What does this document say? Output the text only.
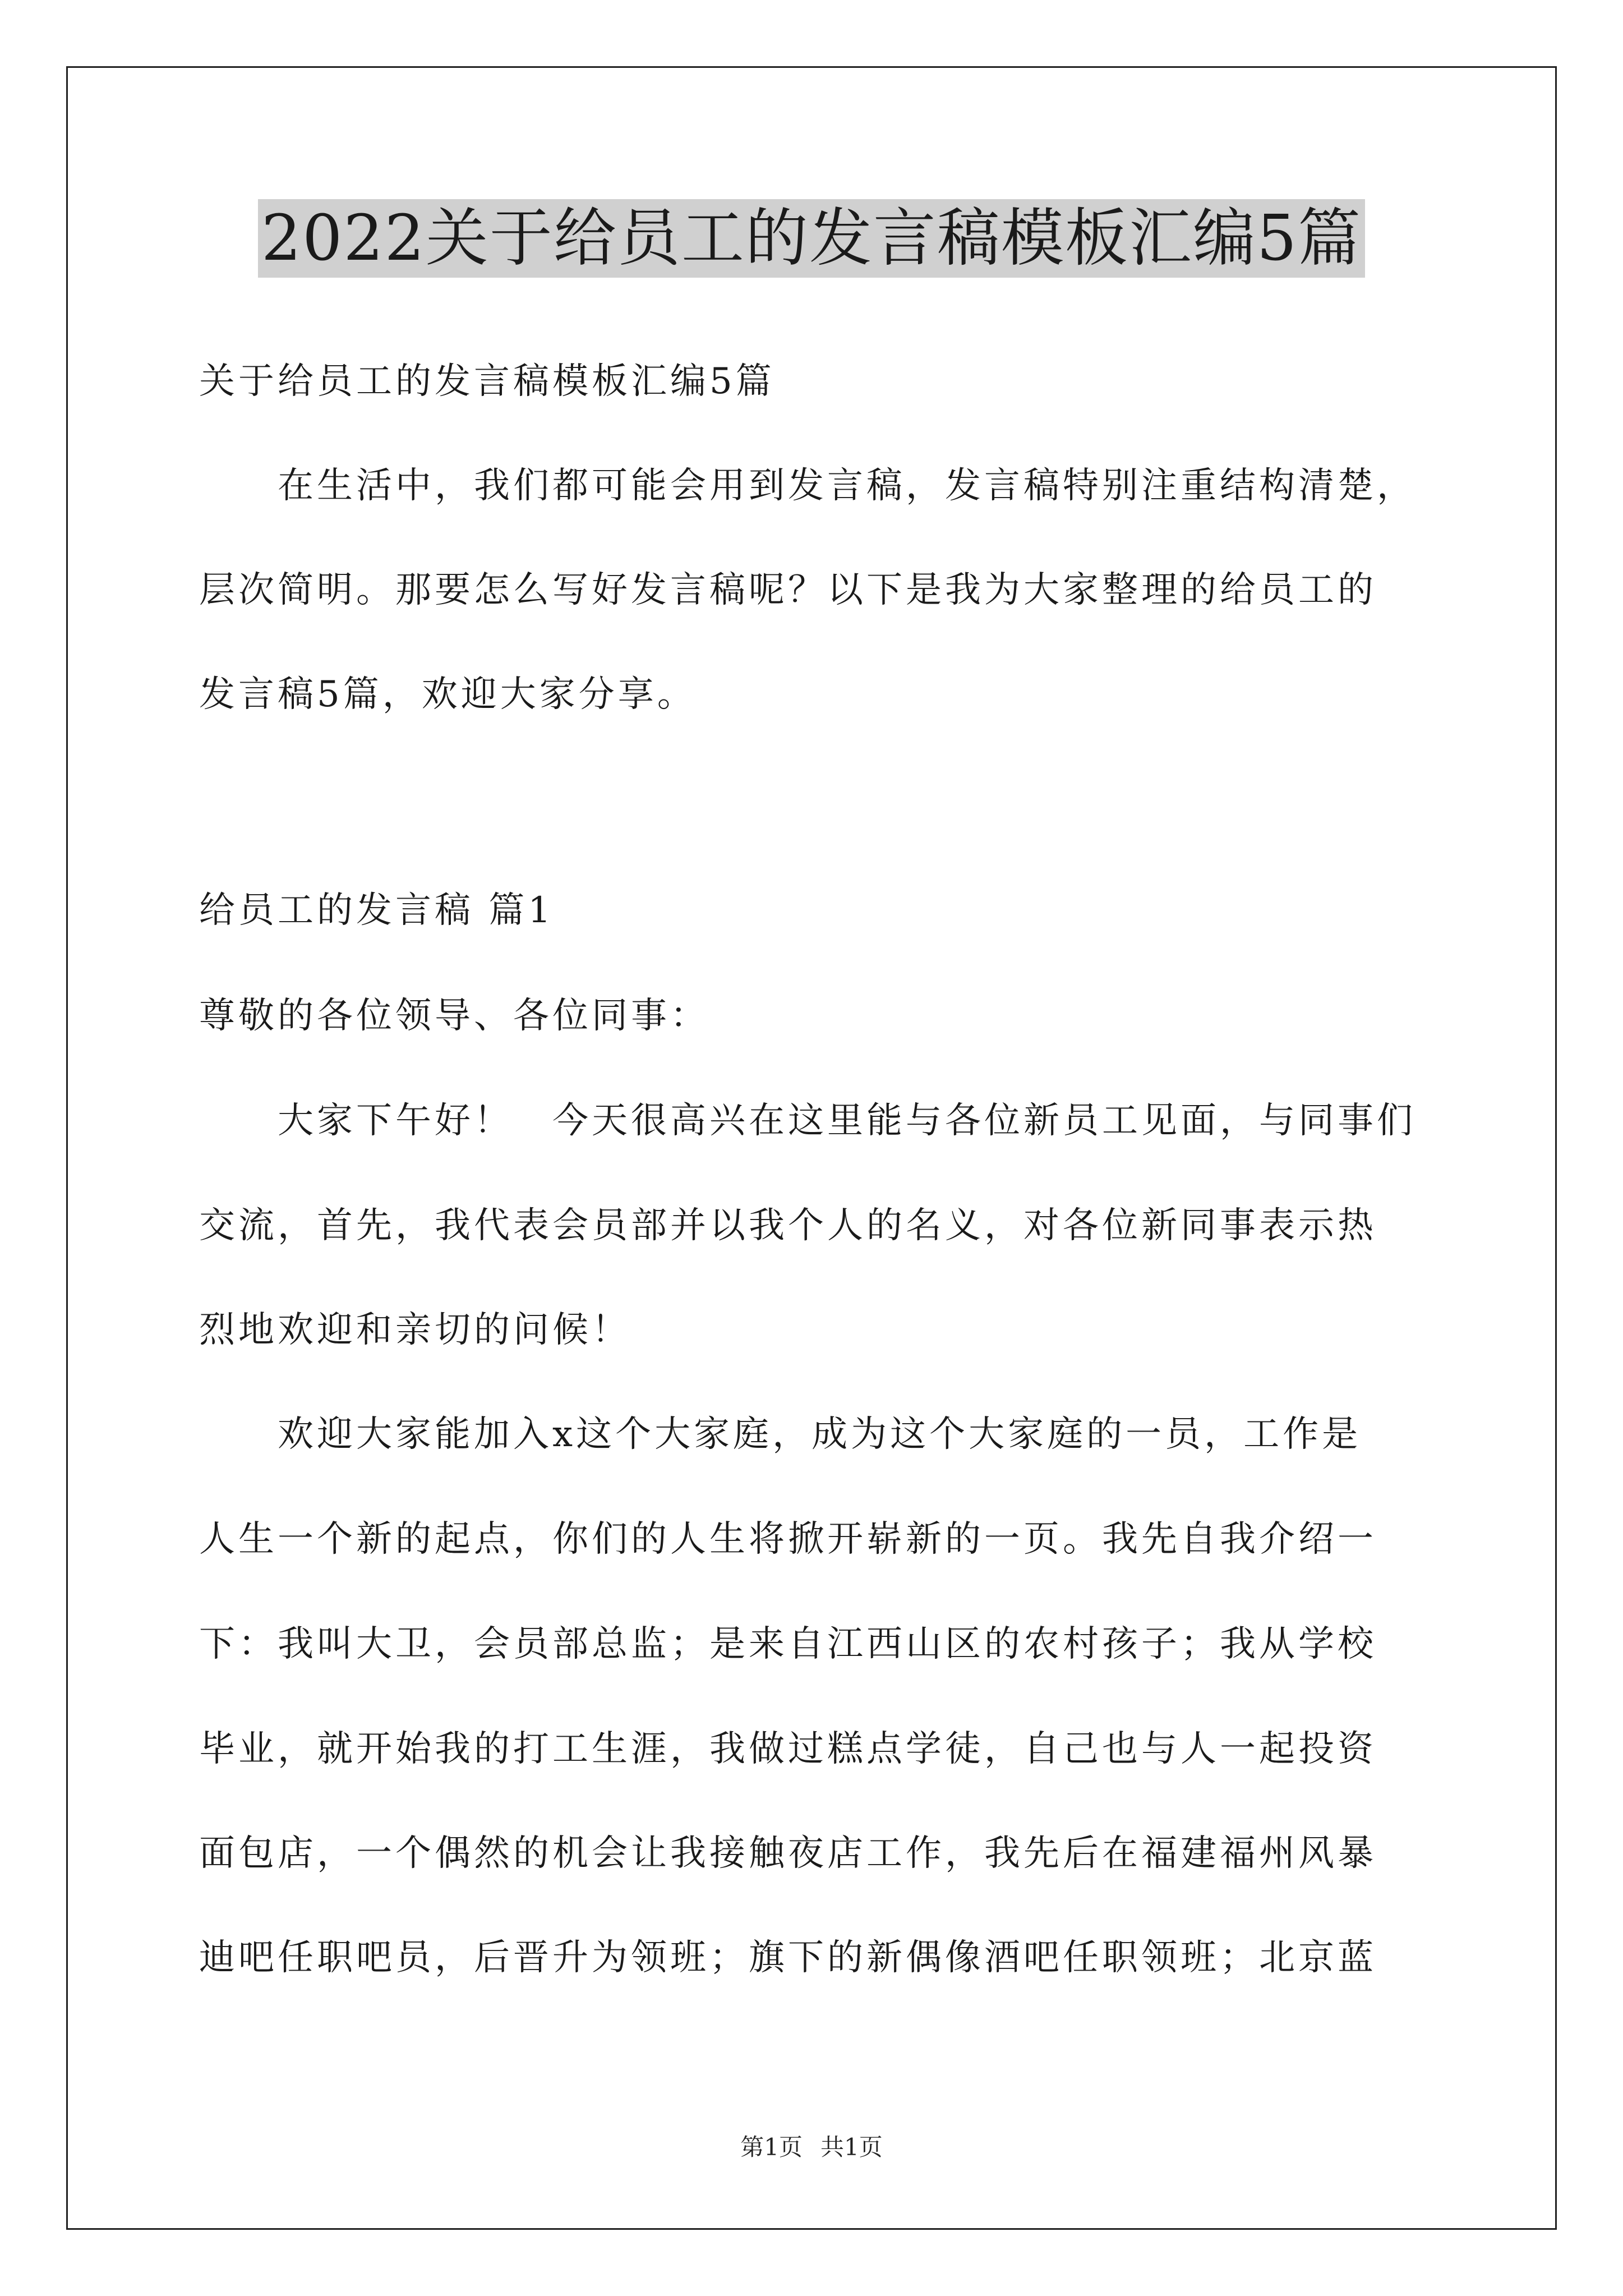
2022关于给员工的发言稿模板汇编5篇
关于给员工的发言稿模板汇编5篇
　　在生活中，我们都可能会用到发言稿，发言稿特别注重结构清楚，
层次简明。那要怎么写好发言稿呢？以下是我为大家整理的给员工的
发言稿5篇，欢迎大家分享。
给员工的发言稿 篇1
尊敬的各位领导、各位同事：
　　大家下午好！　今天很高兴在这里能与各位新员工见面，与同事们
交流，首先，我代表会员部并以我个人的名义，对各位新同事表示热
烈地欢迎和亲切的问候！
　　欢迎大家能加入x这个大家庭，成为这个大家庭的一员，工作是
人生一个新的起点，你们的人生将掀开崭新的一页。我先自我介绍一
下：我叫大卫，会员部总监；是来自江西山区的农村孩子；我从学校
毕业，就开始我的打工生涯，我做过糕点学徒，自己也与人一起投资
面包店，一个偶然的机会让我接触夜店工作，我先后在福建福州风暴
迪吧任职吧员，后晋升为领班；旗下的新偶像酒吧任职领班；北京蓝
第1页 共1页
